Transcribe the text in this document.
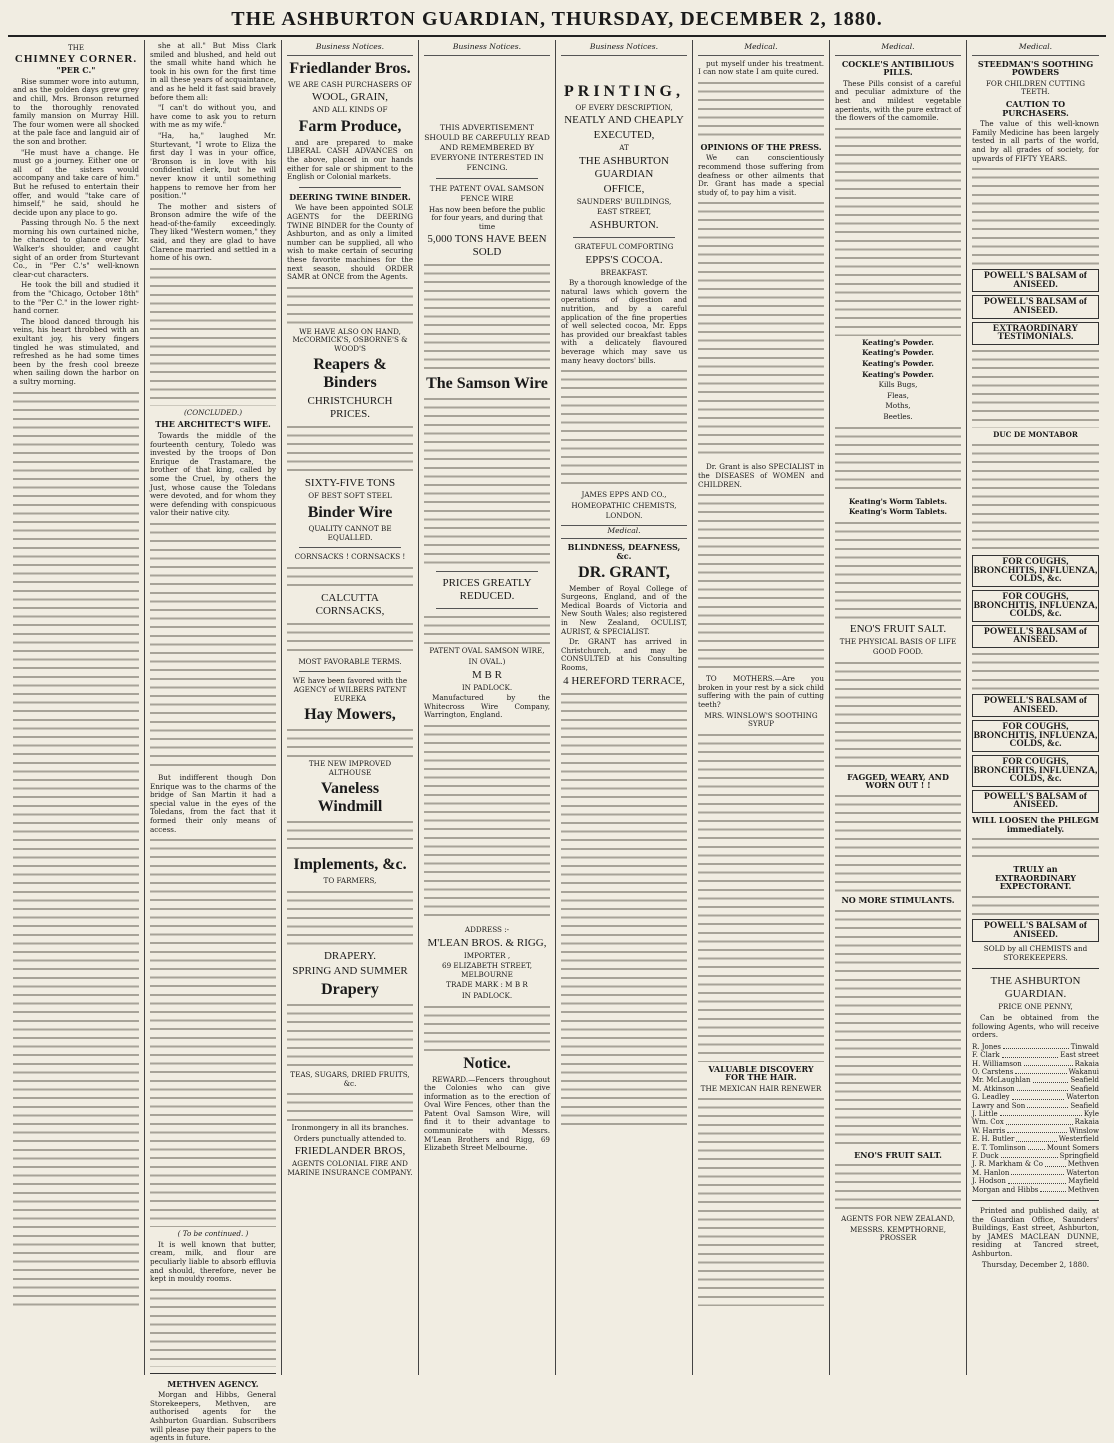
THE ASHBURTON GUARDIAN, THURSDAY, DECEMBER 2, 1880.
THE
CHIMNEY CORNER.
"PER C."

Rise summer wore into autumn, and as the golden days grew grey and chill, Mrs. Bronson returned to the thoroughly renovated family mansion on Murray Hill. The four women were all shocked at the pale face and languid air of the son and brother.

"He must have a change. He must go a journey. Either one or all of the sisters would accompany and take care of him." But he refused to entertain their offer, and would "take care of himself," he said, should he decide upon any place to go.

Passing through No. 5 the next morning his own curtained niche, he chanced to glance over Mr. Walker's shoulder, and caught sight of an order from Sturtevant Co., in "Per C.'s" well-known clear-cut characters.

He took the bill and studied it from the "Chicago, October 18th" to the "Per C." in the lower right-hand corner.

The blood danced through his veins, his heart throbbed with an exultant joy, his very fingers tingled he was stimulated, and refreshed as he had some times been by the fresh cool breeze when sailing down the harbor on a sultry morning.

she at all." But Miss Clark smiled and blushed, and held out the small white hand which he took in his own for the first time in all these years of acquaintance, and as he held it fast said bravely before them all:

"I can't do without you, and have come to ask you to return with me as my wife."

"Ha, ha," laughed Mr. Sturtevant, "I wrote to Eliza the first day I was in your office, 'Bronson is in love with his confidential clerk, but he will never know it until something happens to remove her from her position.'"

The mother and sisters of Bronson admire the wife of the head-of-the-family exceedingly. They liked "Western women," they said, and they are glad to have Clarence married and settled in a home of his own.

(CONCLUDED.)
THE ARCHITECT'S WIFE.

Towards the middle of the fourteenth century, Toledo was invested by the troops of Don Enrique de Trastamare, the brother of that king, called by some the Cruel, by others the Just, whose cause the Toledans were devoted, and for whom they were defending with conspicuous valor their native city.

But indifferent though Don Enrique was to the charms of the bridge of San Martin it had a special value in the eyes of the Toledans, from the fact that it formed their only means of access.

( To be continued. )

It is well known that butter, cream, milk, and flour are peculiarly liable to absorb effluvia and should, therefore, never be kept in mouldy rooms.

METHVEN AGENCY.

Morgan and Hibbs, General Storekeepers, Methven, are authorised agents for the Ashburton Guardian. Subscribers will please pay their papers to the agents in future.

Business Notices.
Friedlander Bros.
WE ARE CASH PURCHASERS OF
WOOL, GRAIN,
AND ALL KINDS OF
Farm Produce,

and are prepared to make LIBERAL CASH ADVANCES on the above, placed in our hands either for sale or shipment to the English or Colonial markets.

DEERING TWINE BINDER.

We have been appointed SOLE AGENTS for the DEERING TWINE BINDER for the County of Ashburton, and as only a limited number can be supplied, all who wish to make certain of securing these favorite machines for the next season, should ORDER SAMR at ONCE from the Agents.

WE HAVE ALSO ON HAND, McCORMICK'S, OSBORNE'S & WOOD'S
Reapers & Binders
CHRISTCHURCH PRICES.
SIXTY-FIVE TONS
OF BEST SOFT STEEL
Binder Wire
QUALITY CANNOT BE EQUALLED.
CORNSACKS ! CORNSACKS !
CALCUTTA CORNSACKS,
MOST FAVORABLE TERMS.
WE have been favored with the AGENCY of WILBERS PATENT EUREKA
Hay Mowers,
THE NEW IMPROVED ALTHOUSE
Vaneless Windmill
Implements, &c.
TO FARMERS,
DRAPERY.
SPRING AND SUMMER
Drapery
TEAS, SUGARS, DRIED FRUITS, &c.
Ironmongery in all its branches.
Orders punctually attended to.
FRIEDLANDER BROS,
AGENTS COLONIAL FIRE AND MARINE INSURANCE COMPANY.
Business Notices.
THIS ADVERTISEMENT SHOULD BE CAREFULLY READ AND REMEMBERED BY EVERYONE INTERESTED IN FENCING.
THE PATENT OVAL SAMSON FENCE WIRE
Has now been before the public for four years, and during that time
5,000 TONS HAVE BEEN SOLD
The Samson Wire
PRICES GREATLY REDUCED.
PATENT OVAL SAMSON WIRE,
IN OVAL.)
M B R
IN PADLOCK.

Manufactured by the Whitecross Wire Company, Warrington, England.

ADDRESS :-
M'LEAN BROS. & RIGG,
IMPORTER ,
69 ELIZABETH STREET, MELBOURNE
TRADE MARK : M B R
IN PADLOCK.
Notice.

REWARD.—Fencers throughout the Colonies who can give information as to the erection of Oval Wire Fences, other than the Patent Oval Samson Wire, will find it to their advantage to communicate with Messrs. M'Lean Brothers and Rigg, 69 Elizabeth Street Melbourne.

Business Notices.
PRINTING,
OF EVERY DESCRIPTION,
NEATLY AND CHEAPLY
EXECUTED,
AT
THE ASHBURTON GUARDIAN
OFFICE,
SAUNDERS' BUILDINGS,
EAST STREET,
ASHBURTON.
GRATEFUL COMFORTING
EPPS'S COCOA.
BREAKFAST.

By a thorough knowledge of the natural laws which govern the operations of digestion and nutrition, and by a careful application of the fine properties of well selected cocoa, Mr. Epps has provided our breakfast tables with a delicately flavoured beverage which may save us many heavy doctors' bills.

JAMES EPPS AND CO.,
HOMEOPATHIC CHEMISTS,
LONDON.
Medical.
BLINDNESS, DEAFNESS, &c.
DR. GRANT,

Member of Royal College of Surgeons, England, and of the Medical Boards of Victoria and New South Wales; also registered in New Zealand, OCULIST, AURIST, & SPECIALIST.

Dr. GRANT has arrived in Christchurch, and may be CONSULTED at his Consulting Rooms,

4 HEREFORD TERRACE,
Medical.

put myself under his treatment. I can now state I am quite cured.

OPINIONS OF THE PRESS.

We can conscientiously recommend those suffering from deafness or other ailments that Dr. Grant has made a special study of, to pay him a visit.

Dr. Grant is also SPECIALIST in the DISEASES of WOMEN and CHILDREN.

TO MOTHERS.—Are you broken in your rest by a sick child suffering with the pain of cutting teeth?

MRS. WINSLOW'S SOOTHING SYRUP
VALUABLE DISCOVERY FOR THE HAIR.
THE MEXICAN HAIR RENEWER
Medical.
COCKLE'S ANTIBILIOUS PILLS.

These Pills consist of a careful and peculiar admixture of the best and mildest vegetable aperients, with the pure extract of the flowers of the camomile.

Keating's Powder.
Keating's Powder.
Keating's Powder.
Keating's Powder.
Kills Bugs,
Fleas,
Moths,
Beetles.
Keating's Worm Tablets.
Keating's Worm Tablets.
ENO'S FRUIT SALT.
THE PHYSICAL BASIS OF LIFE
GOOD FOOD.
FAGGED, WEARY, AND WORN OUT ! !
NO MORE STIMULANTS.
ENO'S FRUIT SALT.
AGENTS FOR NEW ZEALAND,
MESSRS. KEMPTHORNE, PROSSER
Medical.
STEEDMAN'S SOOTHING POWDERS
FOR CHILDREN CUTTING TEETH.
CAUTION TO PURCHASERS.

The value of this well-known Family Medicine has been largely tested in all parts of the world, and by all grades of society, for upwards of FIFTY YEARS.

POWELL'S BALSAM of ANISEED.
POWELL'S BALSAM of ANISEED.
EXTRAORDINARY TESTIMONIALS.
DUC DE MONTABOR
FOR COUGHS, BRONCHITIS, INFLUENZA, COLDS, &c.
FOR COUGHS, BRONCHITIS, INFLUENZA, COLDS, &c.
POWELL'S BALSAM of ANISEED.
POWELL'S BALSAM of ANISEED.
FOR COUGHS, BRONCHITIS, INFLUENZA, COLDS, &c.
FOR COUGHS, BRONCHITIS, INFLUENZA, COLDS, &c.
POWELL'S BALSAM of ANISEED.
WILL LOOSEN the PHLEGM immediately.
TRULY an EXTRAORDINARY EXPECTORANT.
POWELL'S BALSAM of ANISEED.
SOLD by all CHEMISTS and STOREKEEPERS.
THE ASHBURTON GUARDIAN.
PRICE ONE PENNY,

Can be obtained from the following Agents, who will receive orders.

R. Jones	Tinwald
F. Clark	East street
H. Williamson	Rakaia
O. Carstens	Wakanui
Mr. McLaughlan	Seafield
M. Atkinson	Seafield
G. Leadley	Waterton
Lawry and Son	Seafield
J. Little	Kyle
Wm. Cox	Rakaia
W. Harris	Winslow
E. H. Butler	Westerfield
E. T. Tomlinson	Mount Somers
F. Duck	Springfield
J. R. Markham & Co	Methven
M. Hanlon	Waterton
J. Hodson	Mayfield
Morgan and Hibbs	Methven

Printed and published daily, at the Guardian Office, Saunders' Buildings, East street, Ashburton, by JAMES MACLEAN DUNNE, residing at Tancred street, Ashburton.

Thursday, December 2, 1880.
